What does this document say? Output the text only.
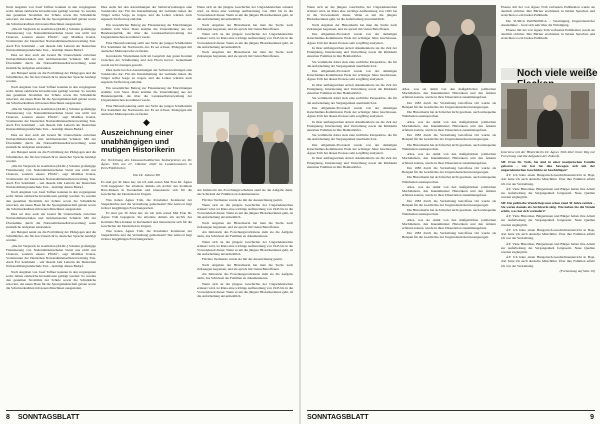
Nach Angaben von Josef Taffner konnten in den vergangenen sechs Jahren zahlreiche Investitionen getätigt werden: So wurden den gesamten Strommix der Schule sowie die Schulküche renoviert, ein neues Haus für die Sportgemeinschaft gebaut sowie die Schulwerkstätten mit neuen Maschinen ausgestattet.

„Die im Vergleich zu staatlichen (KLIK-) Schulen großzügige Finanzierung von Nationalitätenschulen bietet uns nicht nur Chancen, sondern unsere Pflicht“, sagt Matthias Kreisz, Vorsitzender der Deutschen Nationalitätenselbstverwaltung Tata. Auch Éva Szathmári – seit diesem Jahr Leiterin der Deutschen Nationalitätengrundschule Tata – bestätigt diesen Bedarf.

Dies sei aber auch ein Grund für Unterschiede zwischen Nationalitätenschulen und nichtnationalen Schulen: Mit der Übernahme durch die Nationalitätenselbstverwaltung seien zusätzliche Aufgaben entstanden.

Als Beispiel nennt sie die Fortbildung der Pädagogen und die Schulbücher, die für den Unterricht in deutscher Sprache benötigt werden.

Nach Angaben von Josef Taffner konnten in den vergangenen sechs Jahren zahlreiche Investitionen getätigt werden: So wurden den gesamten Strommix der Schule sowie die Schulküche renoviert, ein neues Haus für die Sportgemeinschaft gebaut sowie die Schulwerkstätten mit neuen Maschinen ausgestattet.

„Die im Vergleich zu staatlichen (KLIK-) Schulen großzügige Finanzierung von Nationalitätenschulen bietet uns nicht nur Chancen, sondern unsere Pflicht“, sagt Matthias Kreisz, Vorsitzender der Deutschen Nationalitätenselbstverwaltung Tata. Auch Éva Szathmári – seit diesem Jahr Leiterin der Deutschen Nationalitätengrundschule Tata – bestätigt diesen Bedarf.

Dies sei aber auch ein Grund für Unterschiede zwischen Nationalitätenschulen und nichtnationalen Schulen: Mit der Übernahme durch die Nationalitätenselbstverwaltung seien zusätzliche Aufgaben entstanden.

Als Beispiel nennt sie die Fortbildung der Pädagogen und die Schulbücher, die für den Unterricht in deutscher Sprache benötigt werden.

„Die im Vergleich zu staatlichen (KLIK-) Schulen großzügige Finanzierung von Nationalitätenschulen bietet uns nicht nur Chancen, sondern unsere Pflicht“, sagt Matthias Kreisz, Vorsitzender der Deutschen Nationalitätenselbstverwaltung Tata. Auch Éva Szathmári – seit diesem Jahr Leiterin der Deutschen Nationalitätengrundschule Tata – bestätigt diesen Bedarf.

Nach Angaben von Josef Taffner konnten in den vergangenen sechs Jahren zahlreiche Investitionen getätigt werden: So wurden den gesamten Strommix der Schule sowie die Schulküche renoviert, ein neues Haus für die Sportgemeinschaft gebaut sowie die Schulwerkstätten mit neuen Maschinen ausgestattet.

Dies sei aber auch ein Grund für Unterschiede zwischen Nationalitätenschulen und nichtnationalen Schulen: Mit der Übernahme durch die Nationalitätenselbstverwaltung seien zusätzliche Aufgaben entstanden.

Als Beispiel nennt sie die Fortbildung der Pädagogen und die Schulbücher, die für den Unterricht in deutscher Sprache benötigt werden.

„Die im Vergleich zu staatlichen (KLIK-) Schulen großzügige Finanzierung von Nationalitätenschulen bietet uns nicht nur Chancen, sondern unsere Pflicht“, sagt Matthias Kreisz, Vorsitzender der Deutschen Nationalitätenselbstverwaltung Tata. Auch Éva Szathmári – seit diesem Jahr Leiterin der Deutschen Nationalitätengrundschule Tata – bestätigt diesen Bedarf.

Nach Angaben von Josef Taffner konnten in den vergangenen sechs Jahren zahlreiche Investitionen getätigt werden: So wurden den gesamten Strommix der Schule sowie die Schulküche renoviert, ein neues Haus für die Sportgemeinschaft gebaut sowie die Schulwerkstätten mit neuen Maschinen ausgestattet.

Dies stelle bei den Auswirkungen der Selbstverwaltungen eine Sonderrolle dar: Für die Instandhaltung der Gebäude haben die Träger selbst Sorge zu tragen, und die Lehrer würden nach eigenem Tarifvertrag entlohnt.

Ein wesentlicher Beitrag zur Finanzierung der Einrichtungen stamme vom Staat. Dazu komme die Unterstützung aus der Bundesrepublik, die über die Landesselbstverwaltung der Ungarndeutschen koordiniert werde.

Eine Herausforderung stellt aus Sicht der jungen Schulleiterin Éva Szathmári der Nachwuchs dar. Es sei schwer, Pädagogen mit deutscher Muttersprache zu finden.

Korrektorin Wiedemann hebt im Gespräch den guten Kontakt zwischen der Schulleitung und den Eltern hervor. Gemeinsam werde nach Lösungen gesucht.

Dies stelle bei den Auswirkungen der Selbstverwaltungen eine Sonderrolle dar: Für die Instandhaltung der Gebäude haben die Träger selbst Sorge zu tragen, und die Lehrer würden nach eigenem Tarifvertrag entlohnt.

Ein wesentlicher Beitrag zur Finanzierung der Einrichtungen stamme vom Staat. Dazu komme die Unterstützung aus der Bundesrepublik, die über die Landesselbstverwaltung der Ungarndeutschen koordiniert werde.

Eine Herausforderung stellt aus Sicht der jungen Schulleiterin Éva Szathmári der Nachwuchs dar. Es sei schwer, Pädagogen mit deutscher Muttersprache zu finden.

◆
Auszeichnung einer unabhängigen und mutigen Historikerin
Zur Verleihung des Donauschwäbischen Kulturpreises an Dr. Ágnes Tóth am 27. Oktober 2020 im Landesmuseum in Pécs/Fünfkirchen
Von Dr. Johann Till

Es sind gut 30 Jahre her, als ich zum ersten Mal Frau Dr. Ágnes Tóth begegnete: Sie arbeitete damals am Archiv des Komitats Bács-Kiskun in Kecskemét und interessierte sich für die Geschichte der Deutschen in Ungarn.

Was haben Ágnes Tóth, die Potsdamer Konferenz der Siegermächte und die Vertreibung gemeinsam? Die Antwort liegt in ihrer langjährigen Forschungsarbeit.

Es sind gut 30 Jahre her, als ich zum ersten Mal Frau Dr. Ágnes Tóth begegnete: Sie arbeitete damals am Archiv des Komitats Bács-Kiskun in Kecskemét und interessierte sich für die Geschichte der Deutschen in Ungarn.

Was haben Ágnes Tóth, die Potsdamer Konferenz der Siegermächte und die Vertreibung gemeinsam? Die Antwort liegt in ihrer langjährigen Forschungsarbeit.

Wenn sich an die jüngere Geschichte der Ungarndeutschen erinnert wird, ist Róna eine wichtige Aufbereitung von 1945 bis in die Vorwendezeit dieser. Wenn es um die jüngere Historikerinnen geht, ist die Aufarbeitung unvermeidlich.

Nach Angaben der Historikerin hat man die Suche nach Zeitzeugen begonnen, und sie sprach mit vielen Betroffenen.

Wenn sich an die jüngere Geschichte der Ungarndeutschen erinnert wird, ist Róna eine wichtige Aufbereitung von 1945 bis in die Vorwendezeit dieser. Wenn es um die jüngere Historikerinnen geht, ist die Aufarbeitung unvermeidlich.

Nach Angaben der Historikerin hat man die Suche nach Zeitzeugen begonnen, und sie sprach mit vielen Betroffenen.

Als Initiatorin des Forschungsvorhabens sieht sie die Aufgabe darin, das Schicksal der Familien zu dokumentieren.

Für ihre Verdienste wurde sie mit der Auszeichnung geehrt.

Wenn sich an die jüngere Geschichte der Ungarndeutschen erinnert wird, ist Róna eine wichtige Aufbereitung von 1945 bis in die Vorwendezeit dieser. Wenn es um die jüngere Historikerinnen geht, ist die Aufarbeitung unvermeidlich.

Nach Angaben der Historikerin hat man die Suche nach Zeitzeugen begonnen, und sie sprach mit vielen Betroffenen.

Als Initiatorin des Forschungsvorhabens sieht sie die Aufgabe darin, das Schicksal der Familien zu dokumentieren.

Wenn sich an die jüngere Geschichte der Ungarndeutschen erinnert wird, ist Róna eine wichtige Aufbereitung von 1945 bis in die Vorwendezeit dieser. Wenn es um die jüngere Historikerinnen geht, ist die Aufarbeitung unvermeidlich.

Für ihre Verdienste wurde sie mit der Auszeichnung geehrt.

Nach Angaben der Historikerin hat man die Suche nach Zeitzeugen begonnen, und sie sprach mit vielen Betroffenen.

Als Initiatorin des Forschungsvorhabens sieht sie die Aufgabe darin, das Schicksal der Familien zu dokumentieren.

Wenn sich an die jüngere Geschichte der Ungarndeutschen erinnert wird, ist Róna eine wichtige Aufbereitung von 1945 bis in die Vorwendezeit dieser. Wenn es um die jüngere Historikerinnen geht, ist die Aufarbeitung unvermeidlich.

8 SONNTAGSBLATT

Wenn sich an die jüngere Geschichte der Ungarndeutschen erinnert wird, ist Róna eine wichtige Aufbereitung von 1945 bis in die Vorwendezeit dieser. Wenn es um die jüngere Historikerinnen geht, ist die Aufarbeitung unvermeidlich.

Nach Angaben der Historikerin hat man die Suche nach Zeitzeugen begonnen, und sie sprach mit vielen Betroffenen.

Das Allgemein-/Protokoll wurde von der damaligen Katechismus-Kommission Ende der achtziger Jahre beschlossen. Ágnes Tóth hat diesen Prozess sehr sorgfältig analysiert.

In ihrer umfangreichen Arbeit dokumentierte sie die Zeit der Enteignung, Internierung und Vertreibung sowie die Rückkehr einzelner Familien in ihre Heimatdörfer.

Sie vermittelte dabei stets eine sachliche Perspektive, die für die Aufarbeitung der Vergangenheit unerlässlich ist.

Das Allgemein-/Protokoll wurde von der damaligen Katechismus-Kommission Ende der achtziger Jahre beschlossen. Ágnes Tóth hat diesen Prozess sehr sorgfältig analysiert.

In ihrer umfangreichen Arbeit dokumentierte sie die Zeit der Enteignung, Internierung und Vertreibung sowie die Rückkehr einzelner Familien in ihre Heimatdörfer.

Sie vermittelte dabei stets eine sachliche Perspektive, die für die Aufarbeitung der Vergangenheit unerlässlich ist.

Das Allgemein-/Protokoll wurde von der damaligen Katechismus-Kommission Ende der achtziger Jahre beschlossen. Ágnes Tóth hat diesen Prozess sehr sorgfältig analysiert.

In ihrer umfangreichen Arbeit dokumentierte sie die Zeit der Enteignung, Internierung und Vertreibung sowie die Rückkehr einzelner Familien in ihre Heimatdörfer.

Sie vermittelte dabei stets eine sachliche Perspektive, die für die Aufarbeitung der Vergangenheit unerlässlich ist.

Das Allgemein-/Protokoll wurde von der damaligen Katechismus-Kommission Ende der achtziger Jahre beschlossen. Ágnes Tóth hat diesen Prozess sehr sorgfältig analysiert.

In ihrer umfangreichen Arbeit dokumentierte sie die Zeit der Enteignung, Internierung und Vertreibung sowie die Rückkehr einzelner Familien in ihre Heimatdörfer.

Alles, was sie damit von den maßgeblichen politischen Machthabern, den Innenminister Historikern und den Ämtern erfahren konnte, wurde in ihrer Dissertation zusammengefasst.

Der 1983 durch die Vertreibung betroffene Ort wurde als Beispiel für die Geschichte der Ungarndeutschen herangezogen.

Die Historikerin hat sich hierbei nicht gescheut, auch unbequeme Wahrheiten auszusprechen.

Alles, was sie damit von den maßgeblichen politischen Machthabern, den Innenminister Historikern und den Ämtern erfahren konnte, wurde in ihrer Dissertation zusammengefasst.

Der 1983 durch die Vertreibung betroffene Ort wurde als Beispiel für die Geschichte der Ungarndeutschen herangezogen.

Die Historikerin hat sich hierbei nicht gescheut, auch unbequeme Wahrheiten auszusprechen.

Alles, was sie damit von den maßgeblichen politischen Machthabern, den Innenminister Historikern und den Ämtern erfahren konnte, wurde in ihrer Dissertation zusammengefasst.

Der 1983 durch die Vertreibung betroffene Ort wurde als Beispiel für die Geschichte der Ungarndeutschen herangezogen.

Die Historikerin hat sich hierbei nicht gescheut, auch unbequeme Wahrheiten auszusprechen.

Alles, was sie damit von den maßgeblichen politischen Machthabern, den Innenminister Historikern und den Ämtern erfahren konnte, wurde in ihrer Dissertation zusammengefasst.

Der 1983 durch die Vertreibung betroffene Ort wurde als Beispiel für die Geschichte der Ungarndeutschen herangezogen.

Die Historikerin hat sich hierbei nicht gescheut, auch unbequeme Wahrheiten auszusprechen.

Alles, was sie damit von den maßgeblichen politischen Machthabern, den Innenminister Historikern und den Ämtern erfahren konnte, wurde in ihrer Dissertation zusammengefasst.

Der 1983 durch die Vertreibung betroffene Ort wurde als Beispiel für die Geschichte der Ungarndeutschen herangezogen.

Ebenso mit der von Ágnes Tóth verfassten Publikation wurde sie deutlich sichtbar. Ihre Bücher erschienen in beiden Sprachen und erreichten so ein breites Publikum.

Die SUDUA PANNONICA – Vereinigung Ungarndeutscher Akademiker – freut sich sehr über die Würdigung.

Ebenso mit der von Ágnes Tóth verfassten Publikation wurde sie deutlich sichtbar. Ihre Bücher erschienen in beiden Sprachen und erreichten so ein breites Publikum.

Noch viele weiße

Interview mit der Historikerin Dr. Ágnes Tóth über ihren Weg zur Forschung und die Aufgaben der Zukunft.

SB: Frau Dr. Tóth, Sie sind in einer madjarischen Familie geboren – wie hat Sie dies bewogen sich mit der ungarndeutschen Geschichte zu beschäftigen?

ÁT: Ich hatte einen Hungarisch-Geschichtsunterricht in Baja, dort hatte ich auch deutsche Mitschüler. Über ihre Familien erfuhr ich von der Vertreibung.

ÁT: Viele Historiker, Bürgerinnen und Bürger haben ihre Arbeit zur Aufarbeitung der Vergangenheit fortgesetzt. Neue Quellen wurden zugänglich.

SB: Die politische Wende liegt nun schon rund 30 Jahre zurück – Sie waren damals als Archivarin tätig. Wie haben Sie die Wende erlebt, was hat sich verändert?

ÁT: Viele Historiker, Bürgerinnen und Bürger haben ihre Arbeit zur Aufarbeitung der Vergangenheit fortgesetzt. Neue Quellen wurden zugänglich.

ÁT: Ich hatte einen Hungarisch-Geschichtsunterricht in Baja, dort hatte ich auch deutsche Mitschüler. Über ihre Familien erfuhr ich von der Vertreibung.

ÁT: Viele Historiker, Bürgerinnen und Bürger haben ihre Arbeit zur Aufarbeitung der Vergangenheit fortgesetzt. Neue Quellen wurden zugänglich.

ÁT: Ich hatte einen Hungarisch-Geschichtsunterricht in Baja, dort hatte ich auch deutsche Mitschüler. Über ihre Familien erfuhr ich von der Vertreibung.

(Fortsetzung auf Seite 10)

SONNTAGSBLATT	9
